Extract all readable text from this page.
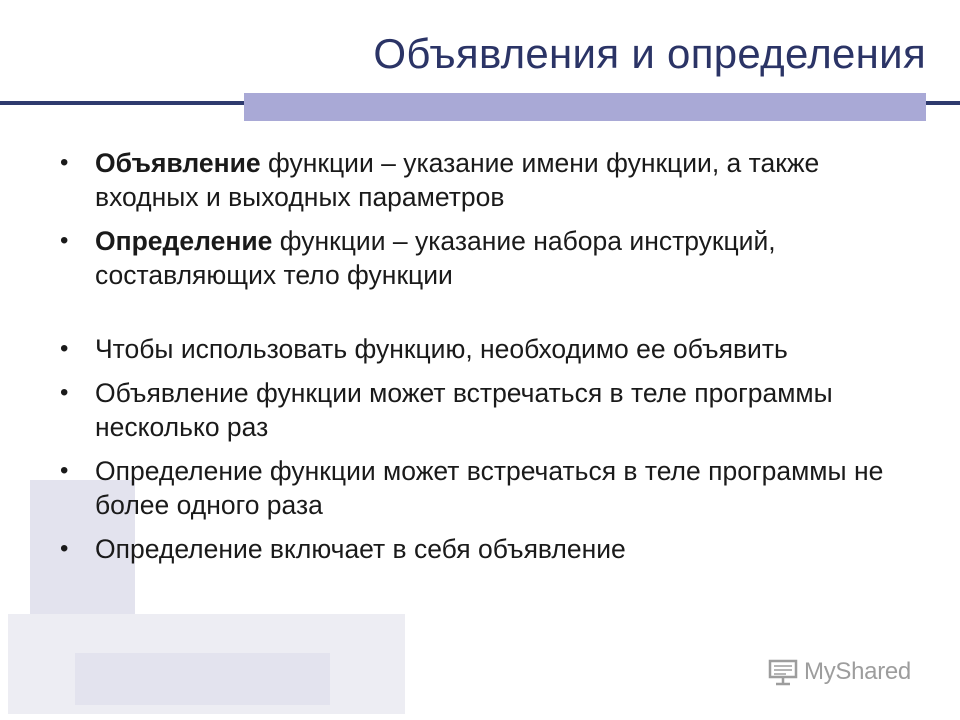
Объявления и определения
• Объявление функции – указание имени функции, а также входных и выходных параметров
• Определение функции – указание набора инструкций, составляющих тело функции
• Чтобы использовать функцию, необходимо ее объявить
• Объявление функции может встречаться в теле программы несколько раз
• Определение функции может встречаться в теле программы не более одного раза
• Определение включает в себя объявление
MyShared
